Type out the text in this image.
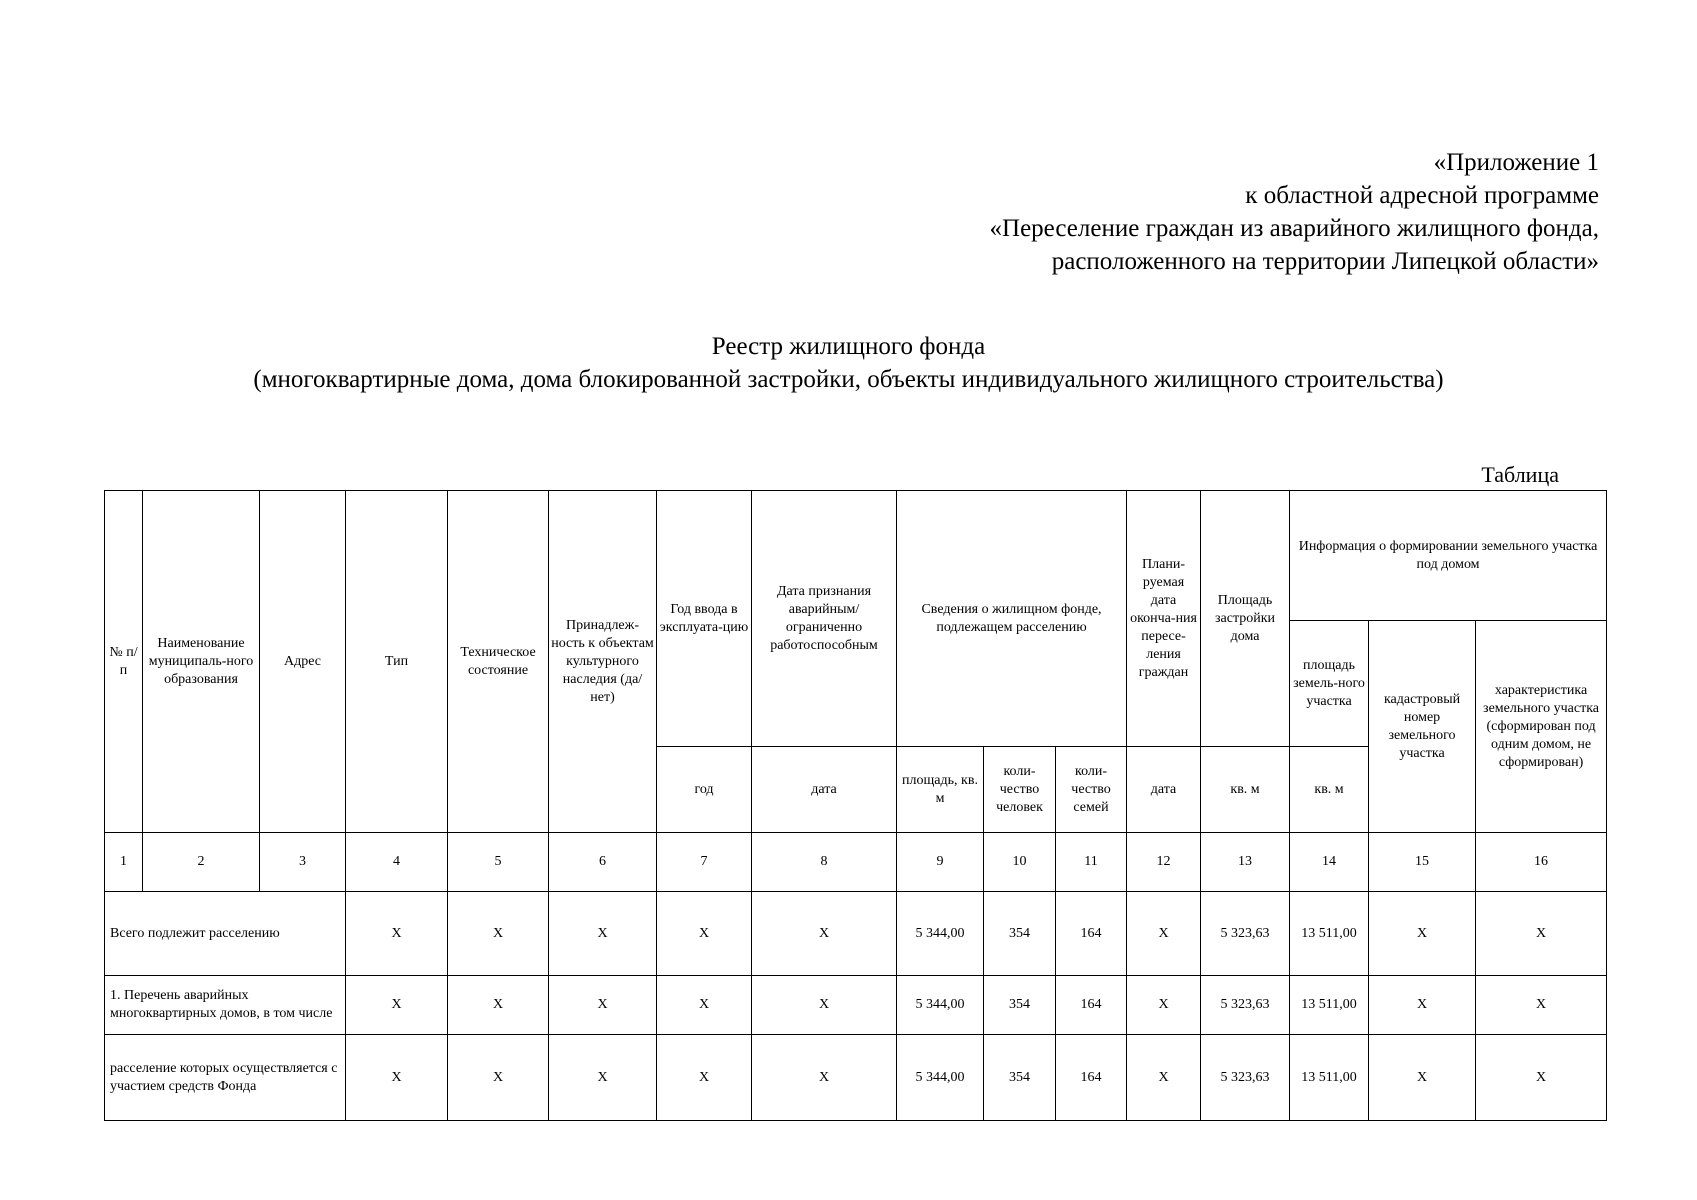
«Приложение 1
к областной адресной программе
«Переселение граждан из аварийного жилищного фонда,
расположенного на территории Липецкой области»
Реестр жилищного фонда
(многоквартирные дома, дома блокированной застройки, объекты индивидуального жилищного строительства)
Таблица
№ п/п	Наименование муниципаль-ного образования	Адрес	Тип	Техническое состояние	Принадлеж-ность к объектам культурного наследия (да/нет)	Год ввода в эксплуата-цию	Дата признания аварийным/ ограниченно работоспособным	Сведения о жилищном фонде, подлежащем расселению			Плани-руемая дата оконча-ния пересе-ления граждан	Площадь застройки дома	Информация о формировании земельного участка под домом		
													площадь земель-ного участка	кадастровый номер земельного участка	характеристика земельного участка (сформирован под одним домом, не сформирован)
						год	дата	площадь, кв. м	коли-чество человек	коли-чество семей	дата	кв. м	кв. м		
1	2	3	4	5	6	7	8	9	10	11	12	13	14	15	16
Всего подлежит расселению			X	X	X	X	X	5 344,00	354	164	X	5 323,63	13 511,00	X	X
1. Перечень аварийных многоквартирных домов, в том числе			X	X	X	X	X	5 344,00	354	164	X	5 323,63	13 511,00	X	X
расселение которых осуществляется с участием средств Фонда			X	X	X	X	X	5 344,00	354	164	X	5 323,63	13 511,00	X	X
